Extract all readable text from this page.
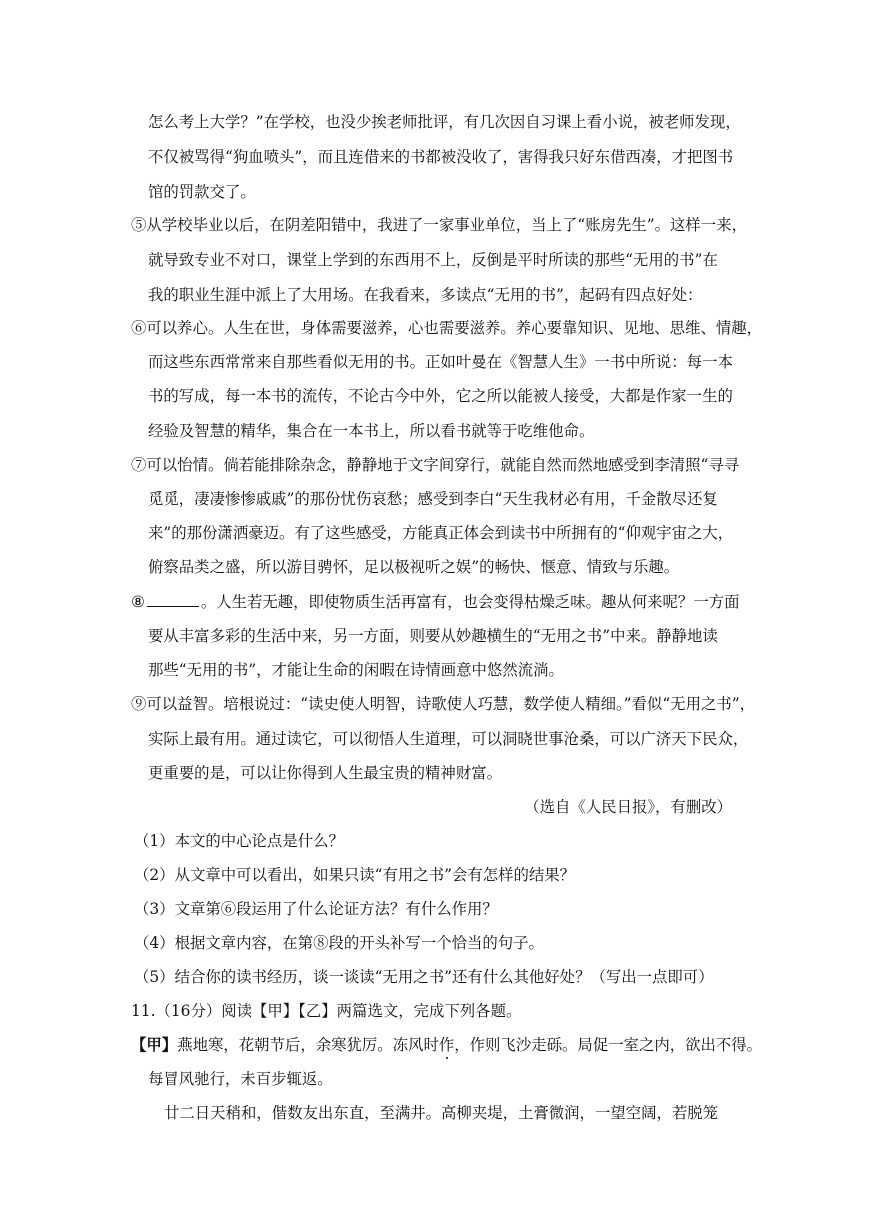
怎么考上大学？”在学校，也没少挨老师批评，有几次因自习课上看小说，被老师发现，
不仅被骂得“狗血喷头”，而且连借来的书都被没收了，害得我只好东借西凑，才把图书
馆的罚款交了。
⑤从学校毕业以后，在阴差阳错中，我进了一家事业单位，当上了“账房先生”。这样一来，
就导致专业不对口，课堂上学到的东西用不上，反倒是平时所读的那些“无用的书”在
我的职业生涯中派上了大用场。在我看来，多读点“无用的书”，起码有四点好处：
⑥可以养心。人生在世，身体需要滋养，心也需要滋养。养心要靠知识、见地、思维、情趣，
而这些东西常常来自那些看似无用的书。正如叶曼在《智慧人生》一书中所说：每一本
书的写成，每一本书的流传，不论古今中外，它之所以能被人接受，大都是作家一生的
经验及智慧的精华，集合在一本书上，所以看书就等于吃维他命。
⑦可以怡情。倘若能排除杂念，静静地于文字间穿行，就能自然而然地感受到李清照“寻寻
觅觅，凄凄惨惨戚戚”的那份忧伤哀愁；感受到李白“天生我材必有用，千金散尽还复
来”的那份潇洒豪迈。有了这些感受，方能真正体会到读书中所拥有的“仰观宇宙之大，
俯察品类之盛，所以游目骋怀，足以极视听之娱”的畅快、惬意、情致与乐趣。
⑧	。人生若无趣，即使物质生活再富有，也会变得枯燥乏味。趣从何来呢？一方面
要从丰富多彩的生活中来，另一方面，则要从妙趣横生的“无用之书”中来。静静地读
那些“无用的书”，才能让生命的闲暇在诗情画意中悠然流淌。
⑨可以益智。培根说过：“读史使人明智，诗歌使人巧慧，数学使人精细。”看似“无用之书”，
实际上最有用。通过读它，可以彻悟人生道理，可以洞晓世事沧桑，可以广济天下民众，
更重要的是，可以让你得到人生最宝贵的精神财富。
（选自《人民日报》，有删改）
（1）本文的中心论点是什么？
（2）从文章中可以看出，如果只读“有用之书”会有怎样的结果？
（3）文章第⑥段运用了什么论证方法？有什么作用？
（4）根据文章内容，在第⑧段的开头补写一个恰当的句子。
（5）结合你的读书经历，谈一谈读“无用之书”还有什么其他好处？（写出一点即可）
11.（16分）阅读【甲】【乙】两篇选文，完成下列各题。
【甲】燕地寒，花朝节后，余寒犹厉。冻风时作，作则飞沙走砾。局促一室之内，欲出不得。
每冒风驰行，未百步辄返。
廿二日天稍和，偕数友出东直，至满井。高柳夹堤，土膏微润，一望空阔，若脱笼
